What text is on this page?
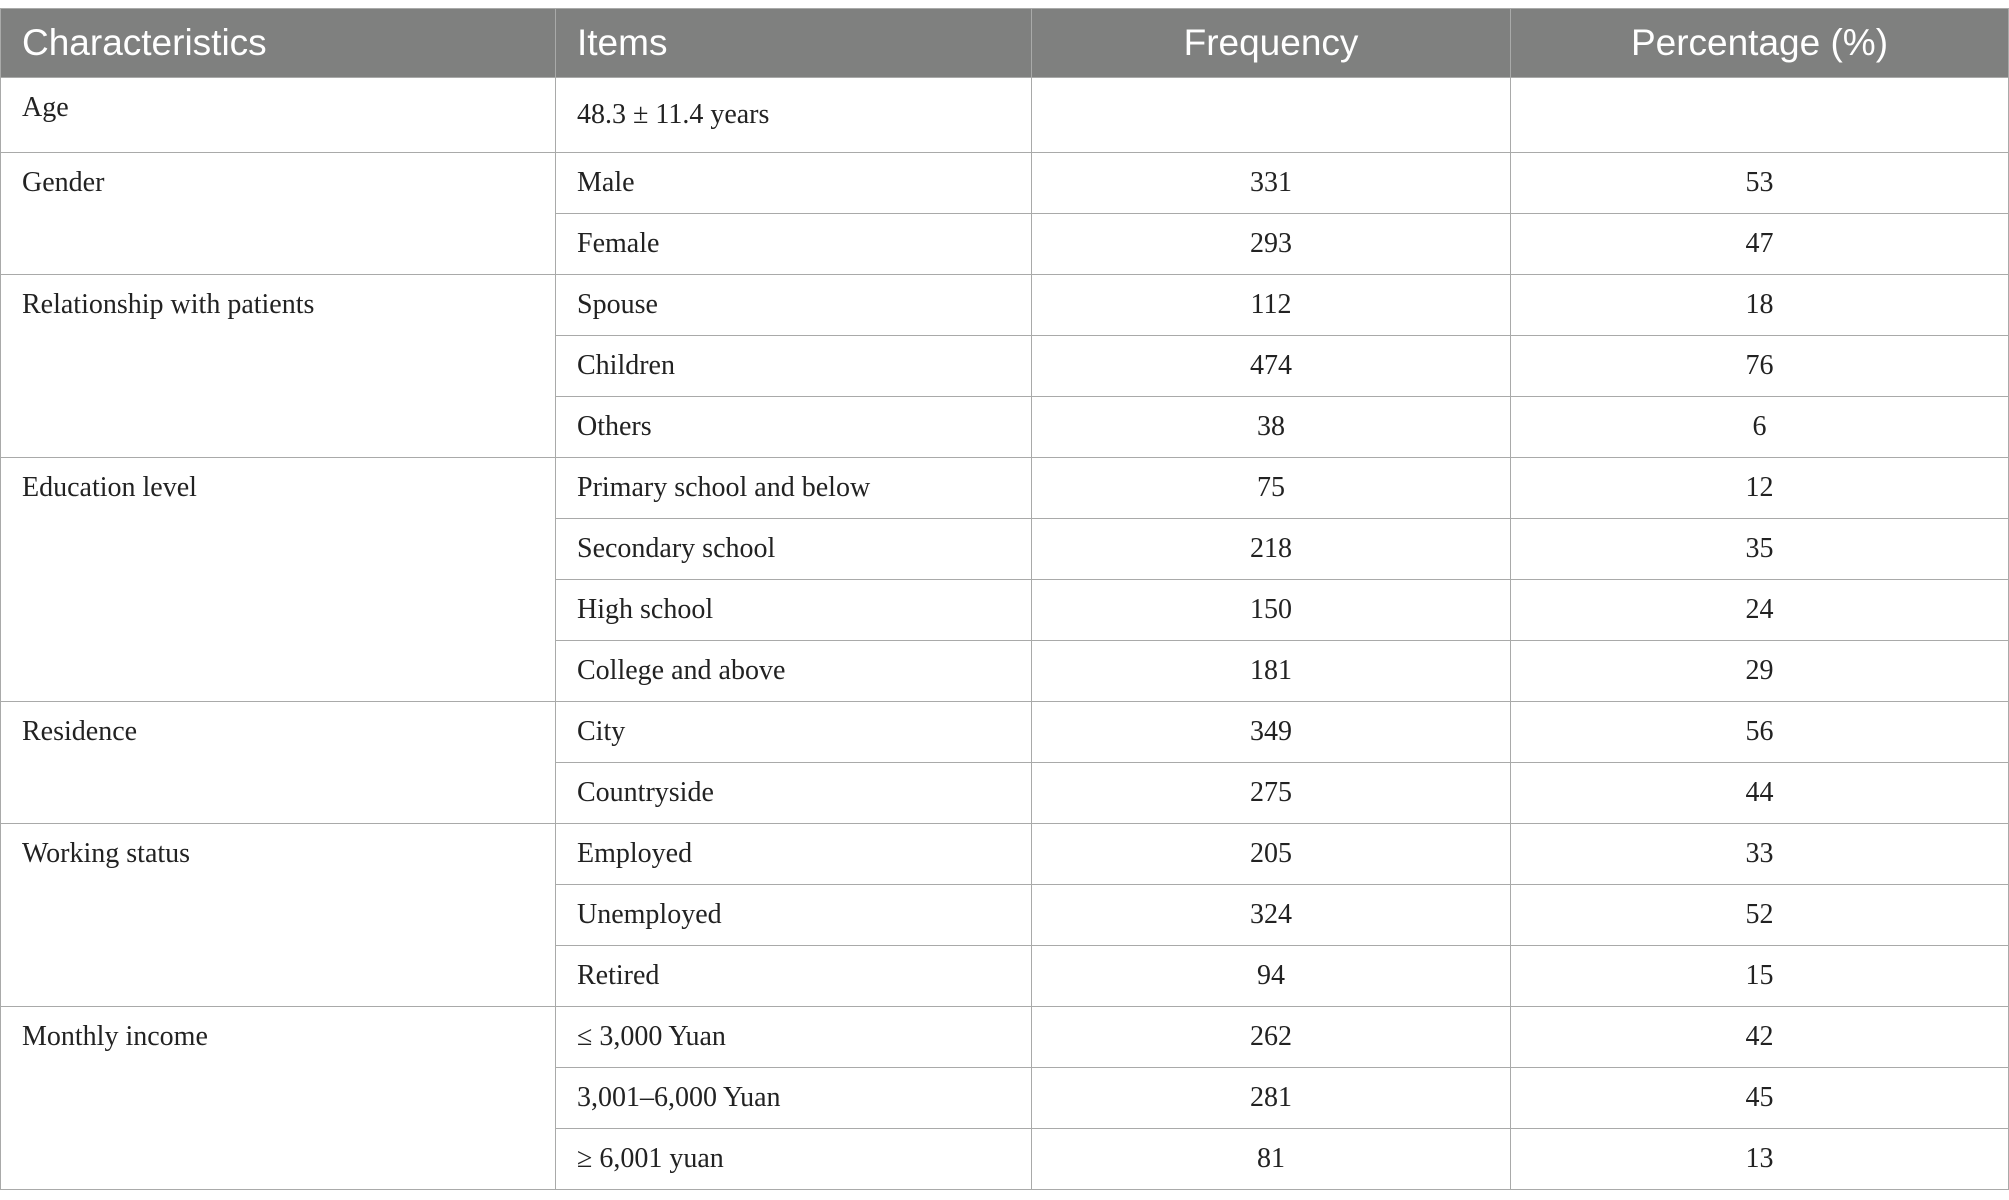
Characteristics	Items	Frequency	Percentage (%)
Age	48.3 ± 11.4 years		
Gender	Male	331	53
	Female	293	47
Relationship with patients	Spouse	112	18
	Children	474	76
	Others	38	6
Education level	Primary school and below	75	12
	Secondary school	218	35
	High school	150	24
	College and above	181	29
Residence	City	349	56
	Countryside	275	44
Working status	Employed	205	33
	Unemployed	324	52
	Retired	94	15
Monthly income	≤ 3,000 Yuan	262	42
	3,001–6,000 Yuan	281	45
	≥ 6,001 yuan	81	13
